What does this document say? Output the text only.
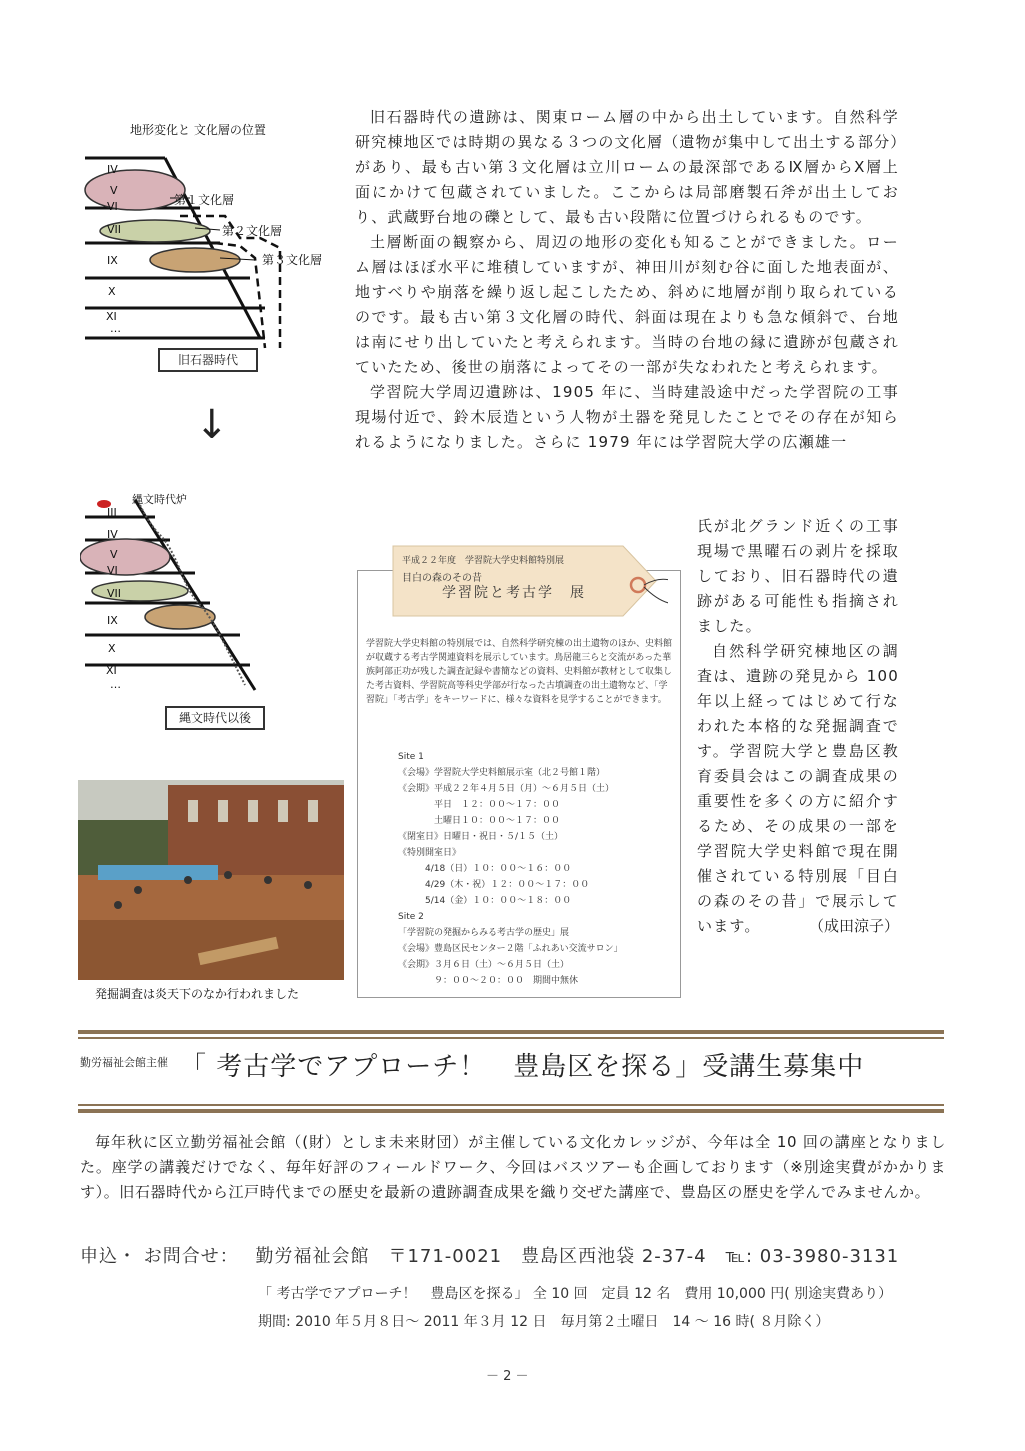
地形変化と 文化層の位置
IV
V
VI
VII
IX
X
XI
…
第１文化層
第２文化層
第３文化層
旧石器時代
↓
縄文時代炉
III
IV
V
VI
VII
IX
X
XI
…
縄文時代以後
発掘調査は炎天下のなか行われました

旧石器時代の遺跡は、関東ローム層の中から出土しています。自然科学研究棟地区では時期の異なる３つの文化層（遺物が集中して出土する部分）があり、最も古い第３文化層は立川ロームの最深部であるⅨ層からⅩ層上面にかけて包蔵されていました。ここからは局部磨製石斧が出土しており、武蔵野台地の礫として、最も古い段階に位置づけられるものです。

土層断面の観察から、周辺の地形の変化も知ることができました。ローム層はほぼ水平に堆積していますが、神田川が刻む谷に面した地表面が、地すべりや崩落を繰り返し起こしたため、斜めに地層が削り取られているのです。最も古い第３文化層の時代、斜面は現在よりも急な傾斜で、台地は南にせり出していたと考えられます。当時の台地の縁に遺跡が包蔵されていたため、後世の崩落によってその一部が失なわれたと考えられます。

学習院大学周辺遺跡は、1905 年に、当時建設途中だった学習院の工事現場付近で、鈴木辰造という人物が土器を発見したことでその存在が知られるようになりました。さらに 1979 年には学習院大学の広瀬雄一

氏が北グランド近くの工事現場で黒曜石の剥片を採取しており、旧石器時代の遺跡がある可能性も指摘されました。

自然科学研究棟地区の調査は、遺跡の発見から 100 年以上経ってはじめて行なわれた本格的な発掘調査です。学習院大学と豊島区教育委員会はこの調査成果の重要性を多くの方に紹介するため、その成果の一部を学習院大学史料館で現在開催されている特別展「目白の森のその昔」で展示しています。	（成田涼子）
平成２２年度　学習院大学史料館特別展
目白の森のその昔
学習院と考古学　展
学習院大学史料館の特別展では、自然科学研究棟の出土遺物のほか、史料館が収蔵する考古学関連資料を展示しています。鳥居龍三らと交流があった華族阿部正功が残した調査記録や書簡などの資料、史料館が教材として収集した考古資料、学習院高等科史学部が行なった古墳調査の出土遺物など、「学習院」「考古学」をキーワードに、様々な資料を見学することができます。
Site 1
《会場》学習院大学史料館展示室（北２号館１階）
《会期》平成２２年４月５日（月）〜６月５日（土）
　　　　平日　１２：００〜１７：００
　　　　土曜日１０：００〜１７：００
《閉室日》日曜日・祝日・５/１５（土）
《特別開室日》
　　　4/18（日）１０：００〜１６：００
　　　4/29（木・祝）１２：００〜１７：００
　　　5/14（金）１０：００〜１８：００
Site 2
「学習院の発掘からみる考古学の歴史」展
《会場》豊島区民センター２階「ふれあい交流サロン」
《会期》３月６日（土）〜６月５日（土）
　　　　９：００〜２０：００　期間中無休
勤労福祉会館主催 「 考古学でアプローチ！　豊島区を探る」受講生募集中

毎年秋に区立勤労福祉会館（(財）としま未来財団）が主催している文化カレッジが、今年は全 10 回の講座となりました。座学の講義だけでなく、毎年好評のフィールドワーク、今回はバスツアーも企画しております（※別途実費がかかります）。旧石器時代から江戸時代までの歴史を最新の遺跡調査成果を織り交ぜた講座で、豊島区の歴史を学んでみませんか。

申込・ お問合せ：　 勤労福祉会館　〒171-0021　豊島区西池袋 2-37-4　℡: 03-3980-3131
「 考古学でアプローチ！　豊島区を探る」 全 10 回　定員 12 名　費用 10,000 円( 別途実費あり）
期間: 2010 年５月８日〜 2011 年３月 12 日　毎月第２土曜日　14 〜 16 時( ８月除く）
－ 2 －
